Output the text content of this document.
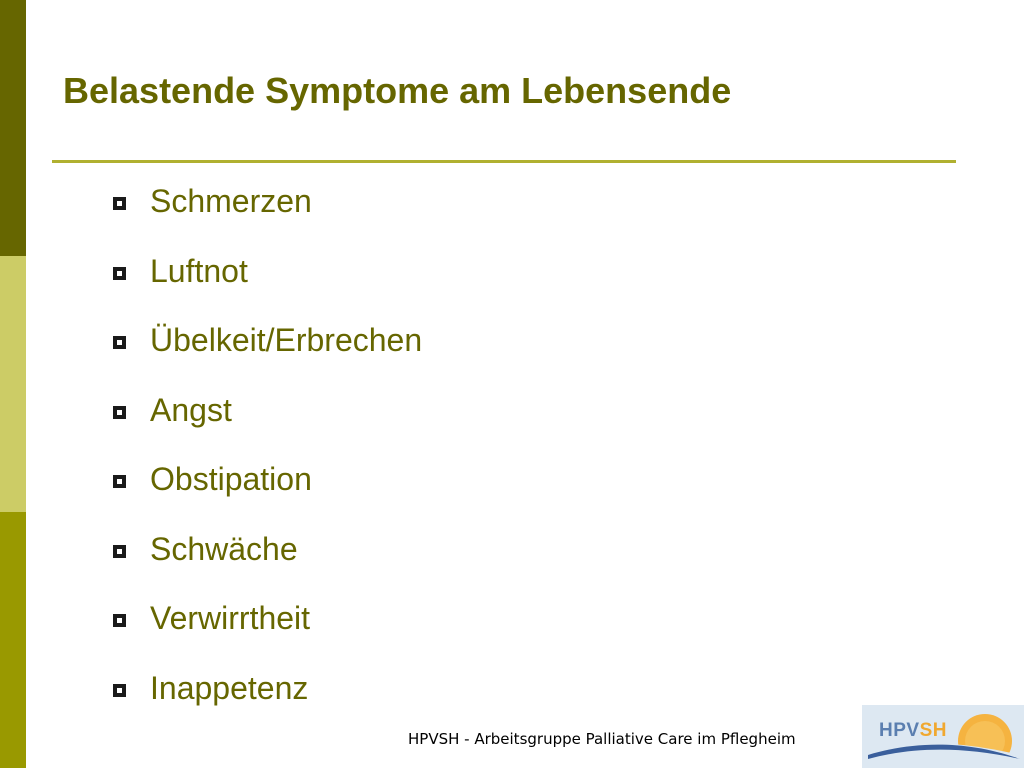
Belastende Symptome am Lebensende
Schmerzen
Luftnot
Übelkeit/Erbrechen
Angst
Obstipation
Schwäche
Verwirrtheit
Inappetenz
HPVSH - Arbeitsgruppe Palliative Care im Pflegheim	HPVSH
